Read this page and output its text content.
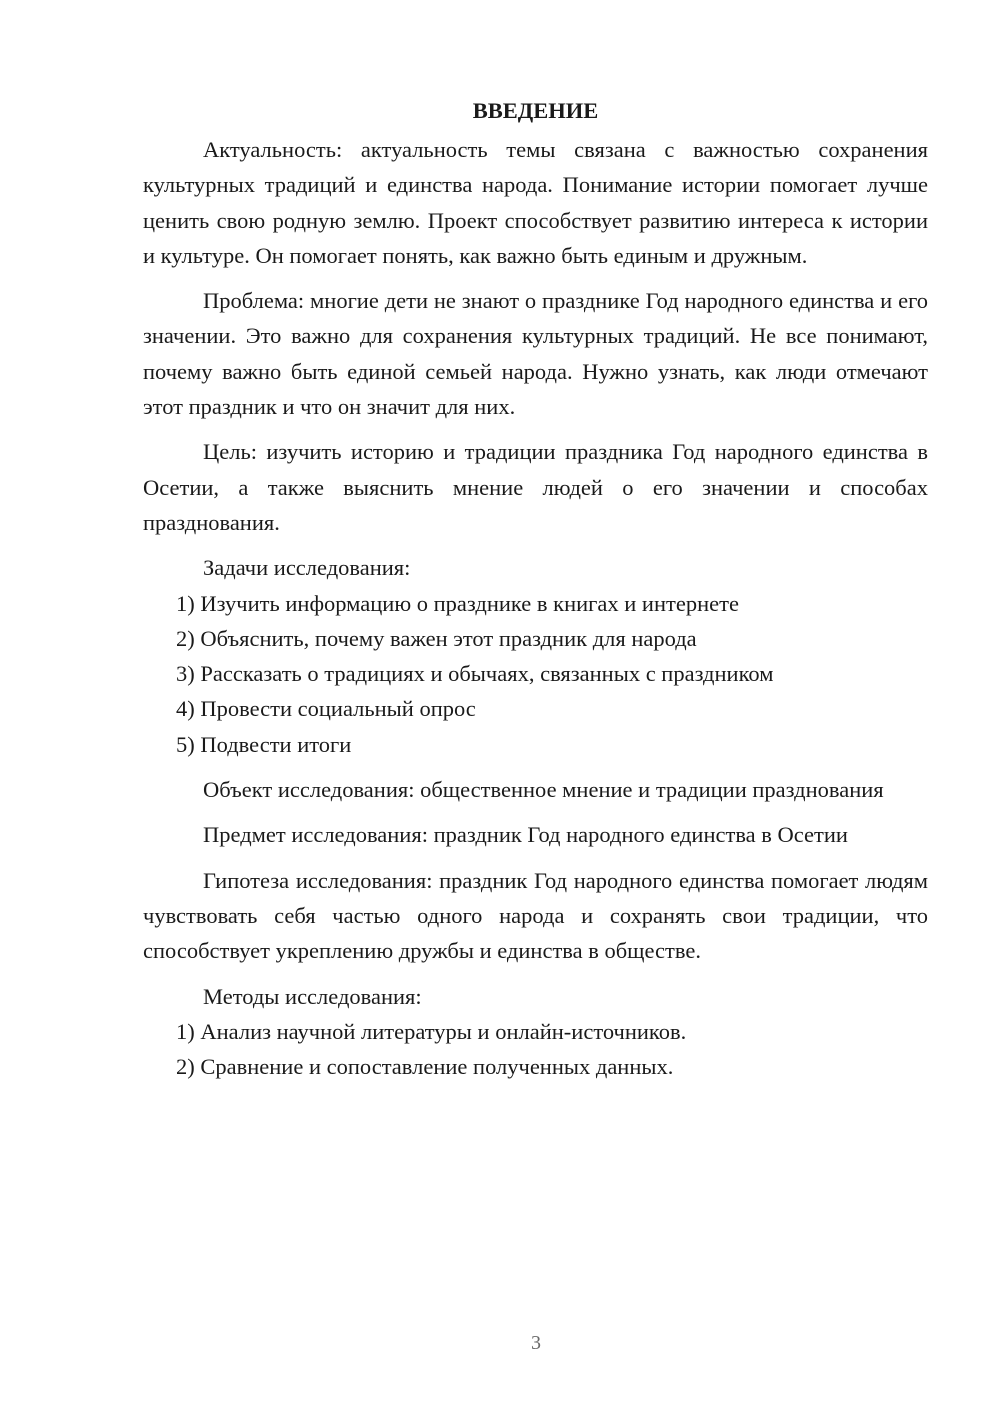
ВВЕДЕНИЕ

Актуальность: актуальность темы связана с важностью сохранения культурных традиций и единства народа. Понимание истории помогает лучше ценить свою родную землю. Проект способствует развитию интереса к истории и культуре. Он помогает понять, как важно быть единым и дружным.

Проблема: многие дети не знают о празднике Год народного единства и его значении. Это важно для сохранения культурных традиций. Не все понимают, почему важно быть единой семьей народа. Нужно узнать, как люди отмечают этот праздник и что он значит для них.

Цель: изучить историю и традиции праздника Год народного единства в Осетии, а также выяснить мнение людей о его значении и способах празднования.

Задачи исследования:

1) Изучить информацию о празднике в книгах и интернете

2) Объяснить, почему важен этот праздник для народа

3) Рассказать о традициях и обычаях, связанных с праздником

4) Провести социальный опрос

5) Подвести итоги

Объект исследования: общественное мнение и традиции празднования

Предмет исследования: праздник Год народного единства в Осетии

Гипотеза исследования: праздник Год народного единства помогает людям чувствовать себя частью одного народа и сохранять свои традиции, что способствует укреплению дружбы и единства в обществе.

Методы исследования:

1) Анализ научной литературы и онлайн-источников.

2) Сравнение и сопоставление полученных данных.

3
